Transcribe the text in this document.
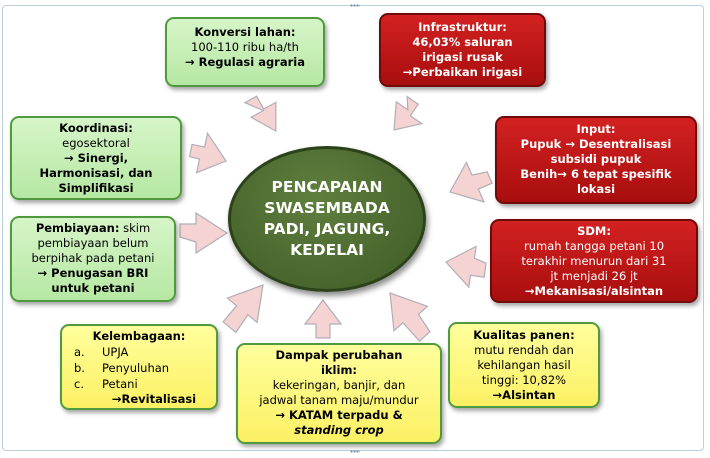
PENCAPAIAN
SWASEMBADA
PADI, JAGUNG,
KEDELAI
Konversi lahan:
100-110 ribu ha/th
→ Regulasi agraria
Infrastruktur:
46,03% saluran
irigasi rusak
→Perbaikan irigasi
Koordinasi:
egosektoral
→ Sinergi,
Harmonisasi, dan
Simplifikasi
Input:
Pupuk → Desentralisasi
subsidi pupuk
Benih→ 6 tepat spesifik
lokasi
Pembiayaan: skim
pembiayaan belum
berpihak pada petani
→ Penugasan BRI
untuk petani
SDM:
rumah tangga petani 10
terakhir menurun dari 31
jt menjadi 26 jt
→Mekanisasi/alsintan
Kelembagaan:
a.	UPJA
b.	Penyuluhan
c.	Petani
→Revitalisasi
Dampak perubahan
iklim:
kekeringan, banjir, dan
jadwal tanam maju/mundur
→ KATAM terpadu &
standing crop
Kualitas panen:
mutu rendah dan
kehilangan hasil
tinggi: 10,82%
→Alsintan
